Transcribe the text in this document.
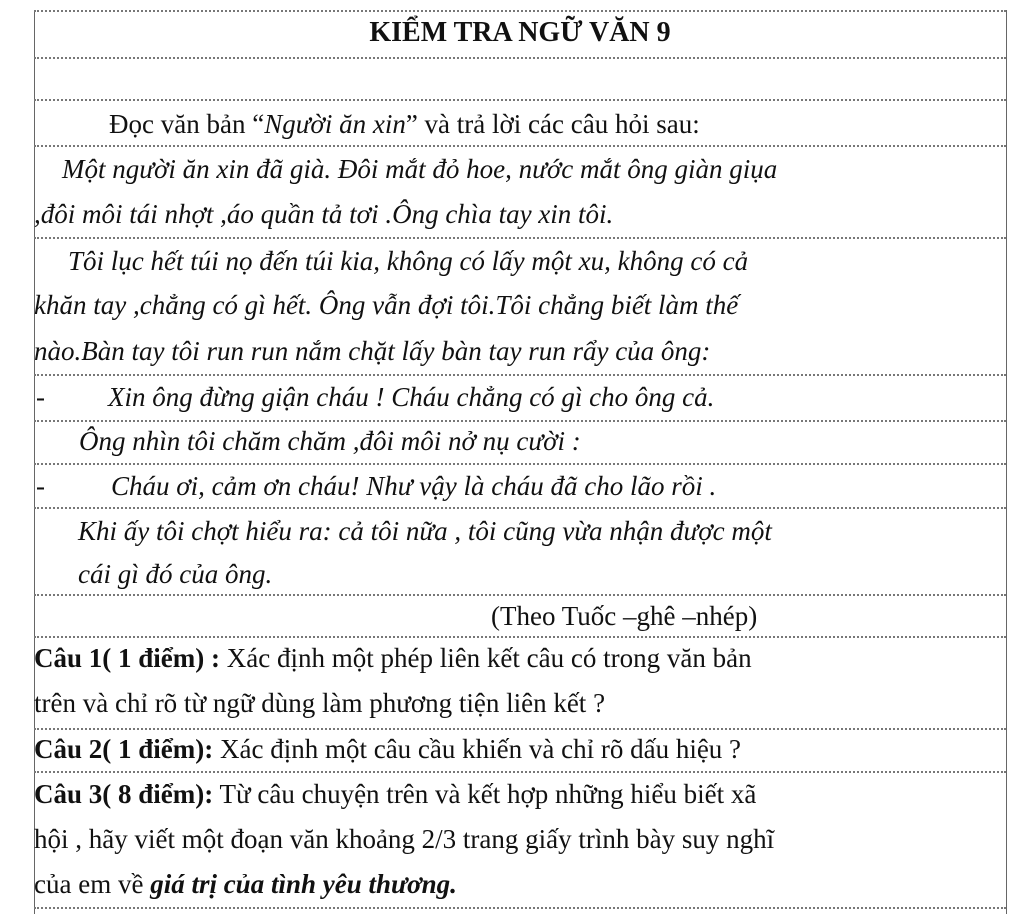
KIỂM TRA NGỮ VĂN 9
Đọc văn bản “Người ăn xin” và trả lời các câu hỏi sau:
Một người ăn xin đã già. Đôi mắt đỏ hoe, nước mắt ông giàn giụa
,đôi môi tái nhợt ,áo quần tả tơi .Ông chìa tay xin tôi.
Tôi lục hết túi nọ đến túi kia, không có lấy một xu, không có cả
khăn tay ,chẳng có gì hết. Ông vẫn đợi tôi.Tôi chẳng biết làm thế
nào.Bàn tay tôi run run nắm chặt lấy bàn tay run rẩy của ông:
- Xin ông đừng giận cháu ! Cháu chẳng có gì cho ông cả.
Ông nhìn tôi chăm chăm ,đôi môi nở nụ cười :
- Cháu ơi, cảm ơn cháu! Như vậy là cháu đã cho lão rồi .
Khi ấy tôi chợt hiểu ra: cả tôi nữa , tôi cũng vừa nhận được một
cái gì đó của ông.
(Theo Tuốc –ghê –nhép)
Câu 1( 1 điểm) : Xác định một phép liên kết câu có trong văn bản
trên và chỉ rõ từ ngữ dùng làm phương tiện liên kết ?
Câu 2( 1 điểm): Xác định một câu cầu khiến và chỉ rõ dấu hiệu ?
Câu 3( 8 điểm): Từ câu chuyện trên và kết hợp những hiểu biết xã
hội , hãy viết một đoạn văn khoảng 2/3 trang giấy trình bày suy nghĩ
của em về giá trị của tình yêu thương.
